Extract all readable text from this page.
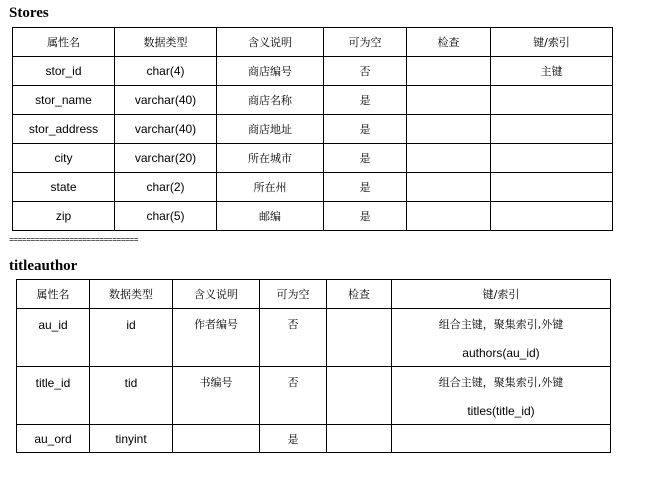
Stores
属性名	数据类型	含义说明	可为空	检查	键/索引
stor_id	char(4)	商店编号	否		主键
stor_name	varchar(40)	商店名称	是		
stor_address	varchar(40)	商店地址	是		
city	varchar(20)	所在城市	是		
state	char(2)	所在州	是		
zip	char(5)	邮编	是		
==============================
titleauthor
属性名	数据类型	含义说明	可为空	检查	键/索引

au_id	id	作者编号	否		组合主键，聚集索引,外键
authors(au_id)

title_id	tid	书编号	否		组合主键，聚集索引,外键
titles(title_id)

au_ord	tinyint		是		
